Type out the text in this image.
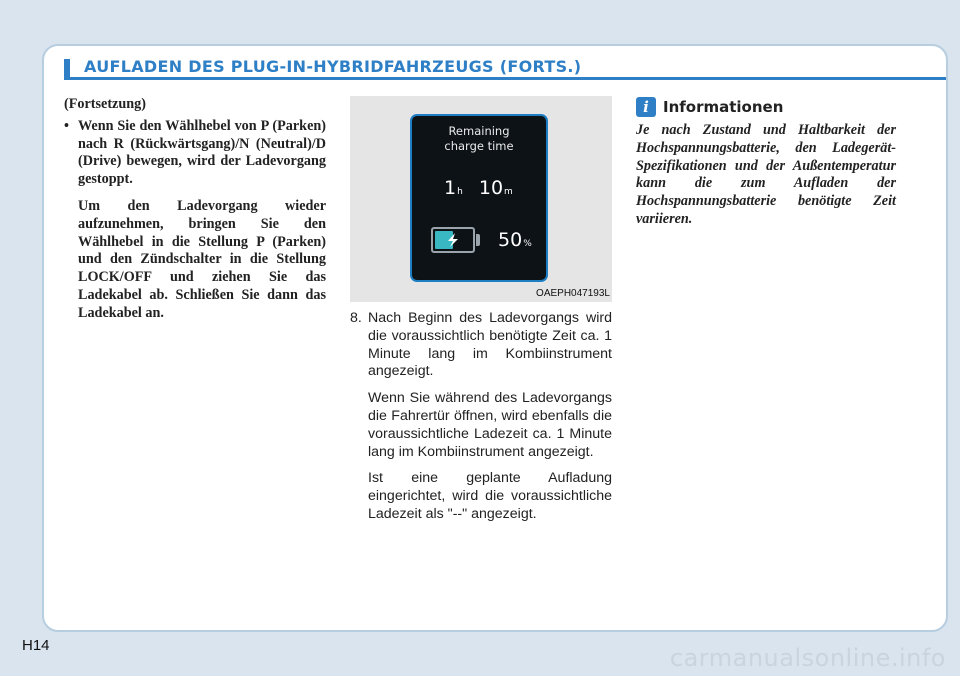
AUFLADEN DES PLUG-IN-HYBRIDFAHRZEUGS (FORTS.)

(Fortsetzung)

• Wenn Sie den Wählhebel von P (Parken) nach R (Rückwärtsgang)/N (Neutral)/D (Drive) bewegen, wird der Ladevorgang gestoppt.

Um den Ladevorgang wieder aufzunehmen, bringen Sie den Wählhebel in die Stellung P (Parken) und den Zündschalter in die Stellung LOCK/OFF und ziehen Sie das Ladekabel ab. Schließen Sie dann das Ladekabel an.

Remaining
charge time
1h 10m
50%
OAEPH047193L
8. Nach Beginn des Ladevorgangs wird die voraussichtlich benötigte Zeit ca. 1 Minute lang im Kombiinstrument angezeigt.

Wenn Sie während des Ladevorgangs die Fahrertür öffnen, wird ebenfalls die voraussichtliche Ladezeit ca. 1 Minute lang im Kombiinstrument angezeigt.

Ist eine geplante Aufladung eingerichtet, wird die voraussichtliche Ladezeit als "--" angezeigt.

i Informationen

Je nach Zustand und Haltbarkeit der Hochspannungsbatterie, den Ladegerät-Spezifikationen und der Außentemperatur kann die zum Aufladen der Hochspannungsbatterie benötigte Zeit variieren.

H14	carmanualsonline.info
